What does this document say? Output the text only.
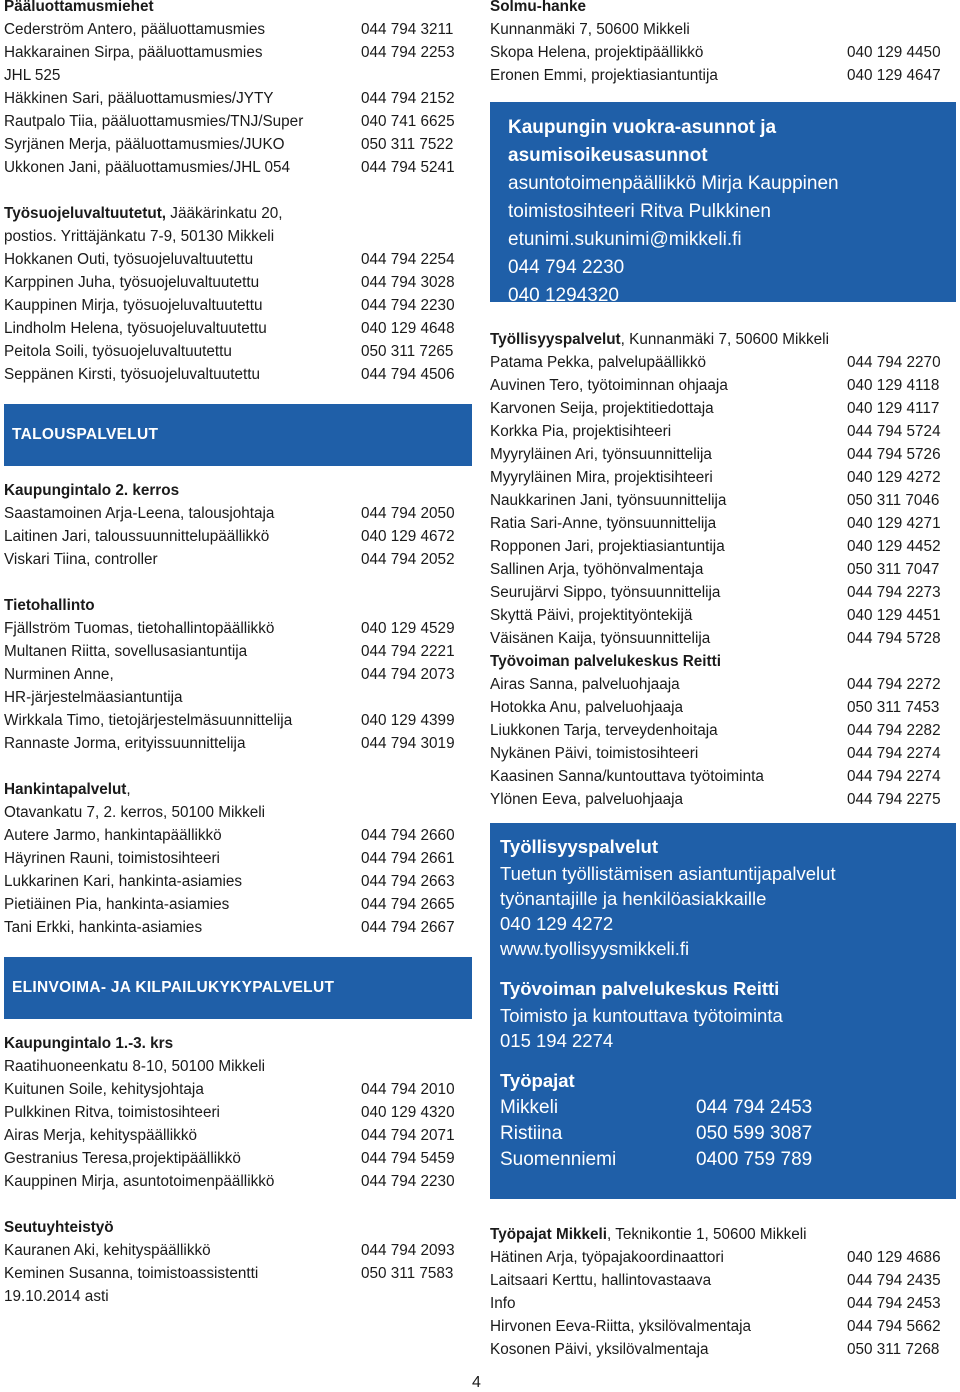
Pääluottamusmiehet
Cederström Antero, pääluottamusmies	044 794 3211
Hakkarainen Sirpa, pääluottamusmies	044 794 2253
JHL 525
Häkkinen Sari, pääluottamusmies/JYTY	044 794 2152
Rautpalo Tiia, pääluottamusmies/TNJ/Super	040 741 6625
Syrjänen Merja, pääluottamusmies/JUKO	050 311 7522
Ukkonen Jani, pääluottamusmies/JHL 054	044 794 5241
Työsuojeluvaltuutetut, Jääkärinkatu 20,
postios. Yrittäjänkatu 7-9, 50130 Mikkeli
Hokkanen Outi, työsuojeluvaltuutettu	044 794 2254
Karppinen Juha, työsuojeluvaltuutettu	044 794 3028
Kauppinen Mirja, työsuojeluvaltuutettu	044 794 2230
Lindholm Helena, työsuojeluvaltuutettu	040 129 4648
Peitola Soili, työsuojeluvaltuutettu	050 311 7265
Seppänen Kirsti, työsuojeluvaltuutettu	044 794 4506
TALOUSPALVELUT
Kaupungintalo 2. kerros
Saastamoinen Arja-Leena, talousjohtaja	044 794 2050
Laitinen Jari, taloussuunnittelupäällikkö	040 129 4672
Viskari Tiina, controller	044 794 2052
Tietohallinto
Fjällström Tuomas, tietohallintopäällikkö	040 129 4529
Multanen Riitta, sovellusasiantuntija	044 794 2221
Nurminen Anne,	044 794 2073
HR-järjestelmäasiantuntija
Wirkkala Timo, tietojärjestelmäsuunnittelija	040 129 4399
Rannaste Jorma, erityissuunnittelija	044 794 3019
Hankintapalvelut,
Otavankatu 7, 2. kerros, 50100 Mikkeli
Autere Jarmo, hankintapäällikkö	044 794 2660
Häyrinen Rauni, toimistosihteeri	044 794 2661
Lukkarinen Kari, hankinta-asiamies	044 794 2663
Pietiäinen Pia, hankinta-asiamies	044 794 2665
Tani Erkki, hankinta-asiamies	044 794 2667
ELINVOIMA- JA KILPAILUKYKYPALVELUT
Kaupungintalo 1.-3. krs
Raatihuoneenkatu 8-10, 50100 Mikkeli
Kuitunen Soile, kehitysjohtaja	044 794 2010
Pulkkinen Ritva, toimistosihteeri	040 129 4320
Airas Merja, kehityspäällikkö	044 794 2071
Gestranius Teresa,projektipäällikkö	044 794 5459
Kauppinen Mirja, asuntotoimenpäällikkö	044 794 2230
Seutuyhteistyö
Kauranen Aki, kehityspäällikkö	044 794 2093
Keminen Susanna, toimistoassistentti	050 311 7583
19.10.2014 asti
Solmu-hanke
Kunnanmäki 7, 50600 Mikkeli
Skopa Helena, projektipäällikkö	040 129 4450
Eronen Emmi, projektiasiantuntija	040 129 4647
Kaupungin vuokra-asunnot ja
asumisoikeusasunnot
asuntotoimenpäällikkö Mirja Kauppinen
toimistosihteeri Ritva Pulkkinen
etunimi.sukunimi@mikkeli.fi
044 794 2230
040 1294320
Työllisyyspalvelut, Kunnanmäki 7, 50600 Mikkeli
Patama Pekka, palvelupäällikkö	044 794 2270
Auvinen Tero, työtoiminnan ohjaaja	040 129 4118
Karvonen Seija, projektitiedottaja	040 129 4117
Korkka Pia, projektisihteeri	044 794 5724
Myyryläinen Ari, työnsuunnittelija	044 794 5726
Myyryläinen Mira, projektisihteeri	040 129 4272
Naukkarinen Jani, työnsuunnittelija	050 311 7046
Ratia Sari-Anne, työnsuunnittelija	040 129 4271
Ropponen Jari, projektiasiantuntija	040 129 4452
Sallinen Arja, työhönvalmentaja	050 311 7047
Seurujärvi Sippo, työnsuunnittelija	044 794 2273
Skyttä Päivi, projektityöntekijä	040 129 4451
Väisänen Kaija, työnsuunnittelija	044 794 5728
Työvoiman palvelukeskus Reitti
Airas Sanna, palveluohjaaja	044 794 2272
Hotokka Anu, palveluohjaaja	050 311 7453
Liukkonen Tarja, terveydenhoitaja	044 794 2282
Nykänen Päivi, toimistosihteeri	044 794 2274
Kaasinen Sanna/kuntouttava työtoiminta	044 794 2274
Ylönen Eeva, palveluohjaaja	044 794 2275
Työllisyyspalvelut
Tuetun työllistämisen asiantuntijapalvelut
työnantajille ja henkilöasiakkaille
040 129 4272
www.tyollisyysmikkeli.fi
Työvoiman palvelukeskus Reitti
Toimisto ja kuntouttava työtoiminta
015 194 2274
Työpajat
Mikkeli	044 794 2453
Ristiina	050 599 3087
Suomenniemi	0400 759 789
Työpajat Mikkeli, Teknikontie 1, 50600 Mikkeli
Hätinen Arja, työpajakoordinaattori	040 129 4686
Laitsaari Kerttu, hallintovastaava	044 794 2435
Info	044 794 2453
Hirvonen Eeva-Riitta, yksilövalmentaja	044 794 5662
Kosonen Päivi, yksilövalmentaja	050 311 7268
4
